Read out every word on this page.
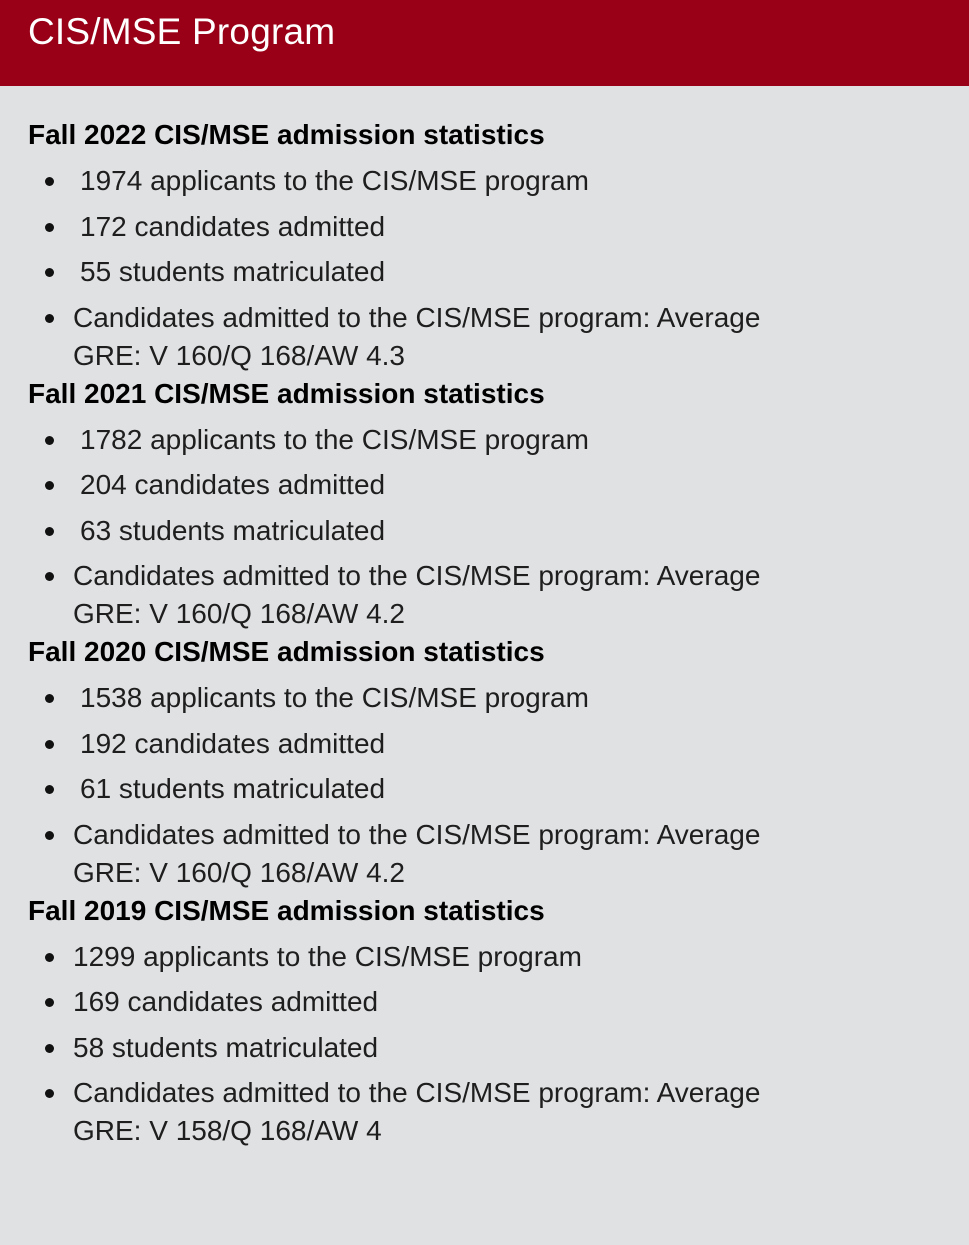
CIS/MSE Program
Fall 2022 CIS/MSE admission statistics
1974 applicants to the CIS/MSE program
172 candidates admitted
55 students matriculated
Candidates admitted to the CIS/MSE program: Average GRE: V 160/Q 168/AW 4.3
Fall 2021 CIS/MSE admission statistics
1782 applicants to the CIS/MSE program
204 candidates admitted
63 students matriculated
Candidates admitted to the CIS/MSE program: Average GRE: V 160/Q 168/AW 4.2
Fall 2020 CIS/MSE admission statistics
1538 applicants to the CIS/MSE program
192 candidates admitted
61 students matriculated
Candidates admitted to the CIS/MSE program: Average GRE: V 160/Q 168/AW 4.2
Fall 2019 CIS/MSE admission statistics
1299 applicants to the CIS/MSE program
169 candidates admitted
58 students matriculated
Candidates admitted to the CIS/MSE program: Average GRE: V 158/Q 168/AW 4
